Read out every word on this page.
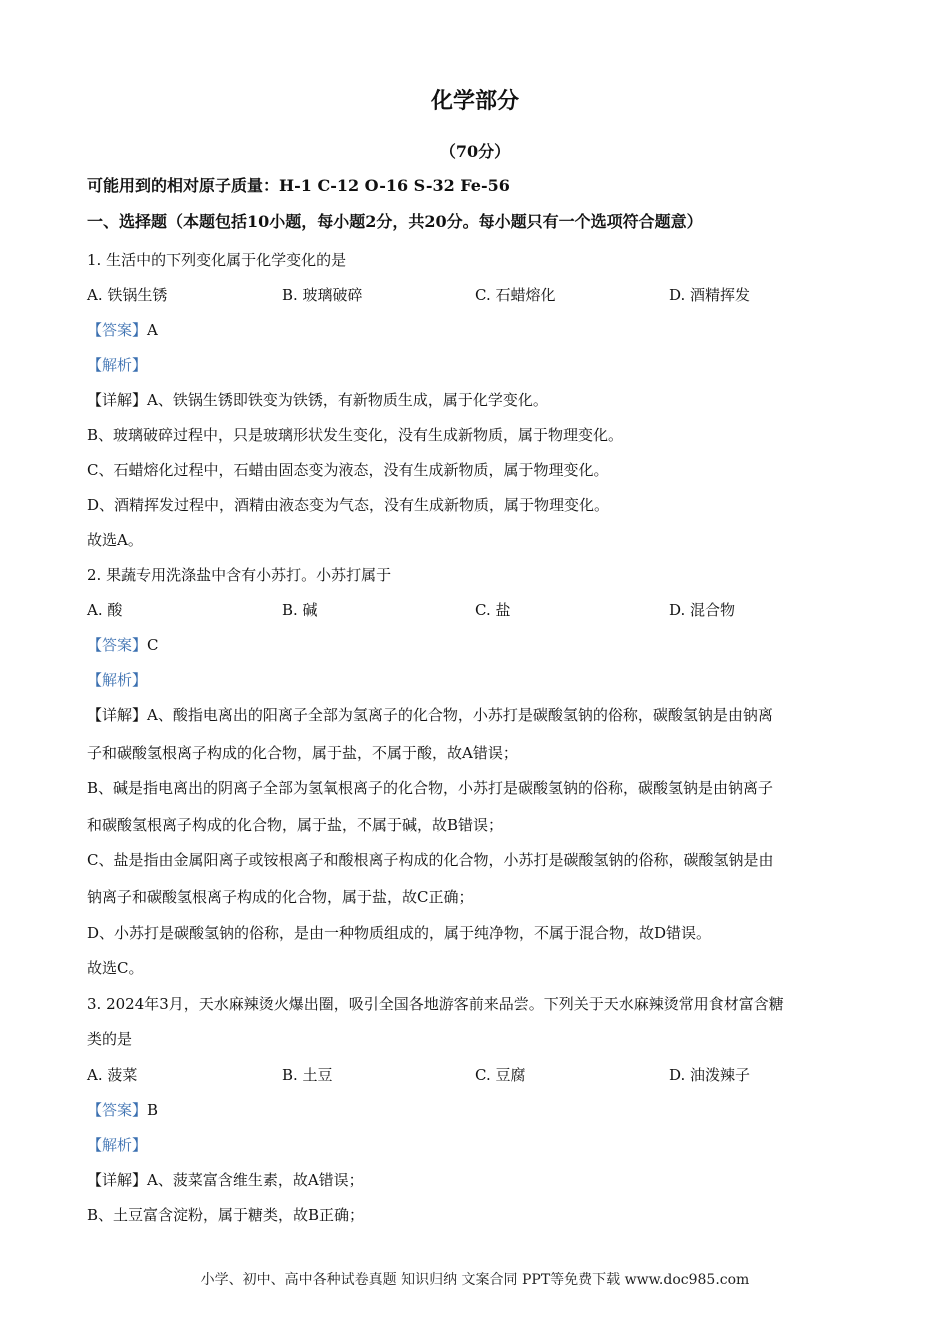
化学部分
（70分）
可能用到的相对原子质量：H-1 C-12 O-16 S-32 Fe-56
一、选择题（本题包括10小题，每小题2分，共20分。每小题只有一个选项符合题意）
1. 生活中的下列变化属于化学变化的是
A. 铁锅生锈	B. 玻璃破碎	C. 石蜡熔化	D. 酒精挥发
【答案】A
【解析】
【详解】A、铁锅生锈即铁变为铁锈，有新物质生成，属于化学变化。
B、玻璃破碎过程中，只是玻璃形状发生变化，没有生成新物质，属于物理变化。
C、石蜡熔化过程中，石蜡由固态变为液态，没有生成新物质，属于物理变化。
D、酒精挥发过程中，酒精由液态变为气态，没有生成新物质，属于物理变化。
故选A。
2. 果蔬专用洗涤盐中含有小苏打。小苏打属于
A. 酸	B. 碱	C. 盐	D. 混合物
【答案】C
【解析】
【详解】A、酸指电离出的阳离子全部为氢离子的化合物，小苏打是碳酸氢钠的俗称，碳酸氢钠是由钠离
子和碳酸氢根离子构成的化合物，属于盐，不属于酸，故A错误；
B、碱是指电离出的阴离子全部为氢氧根离子的化合物，小苏打是碳酸氢钠的俗称，碳酸氢钠是由钠离子
和碳酸氢根离子构成的化合物，属于盐，不属于碱，故B错误；
C、盐是指由金属阳离子或铵根离子和酸根离子构成的化合物，小苏打是碳酸氢钠的俗称，碳酸氢钠是由
钠离子和碳酸氢根离子构成的化合物，属于盐，故C正确；
D、小苏打是碳酸氢钠的俗称，是由一种物质组成的，属于纯净物，不属于混合物，故D错误。
故选C。
3. 2024年3月，天水麻辣烫火爆出圈，吸引全国各地游客前来品尝。下列关于天水麻辣烫常用食材富含糖
类的是
A. 菠菜	B. 土豆	C. 豆腐	D. 油泼辣子
【答案】B
【解析】
【详解】A、菠菜富含维生素，故A错误；
B、土豆富含淀粉，属于糖类，故B正确；
小学、初中、高中各种试卷真题 知识归纳 文案合同 PPT等免费下载 www.doc985.com
